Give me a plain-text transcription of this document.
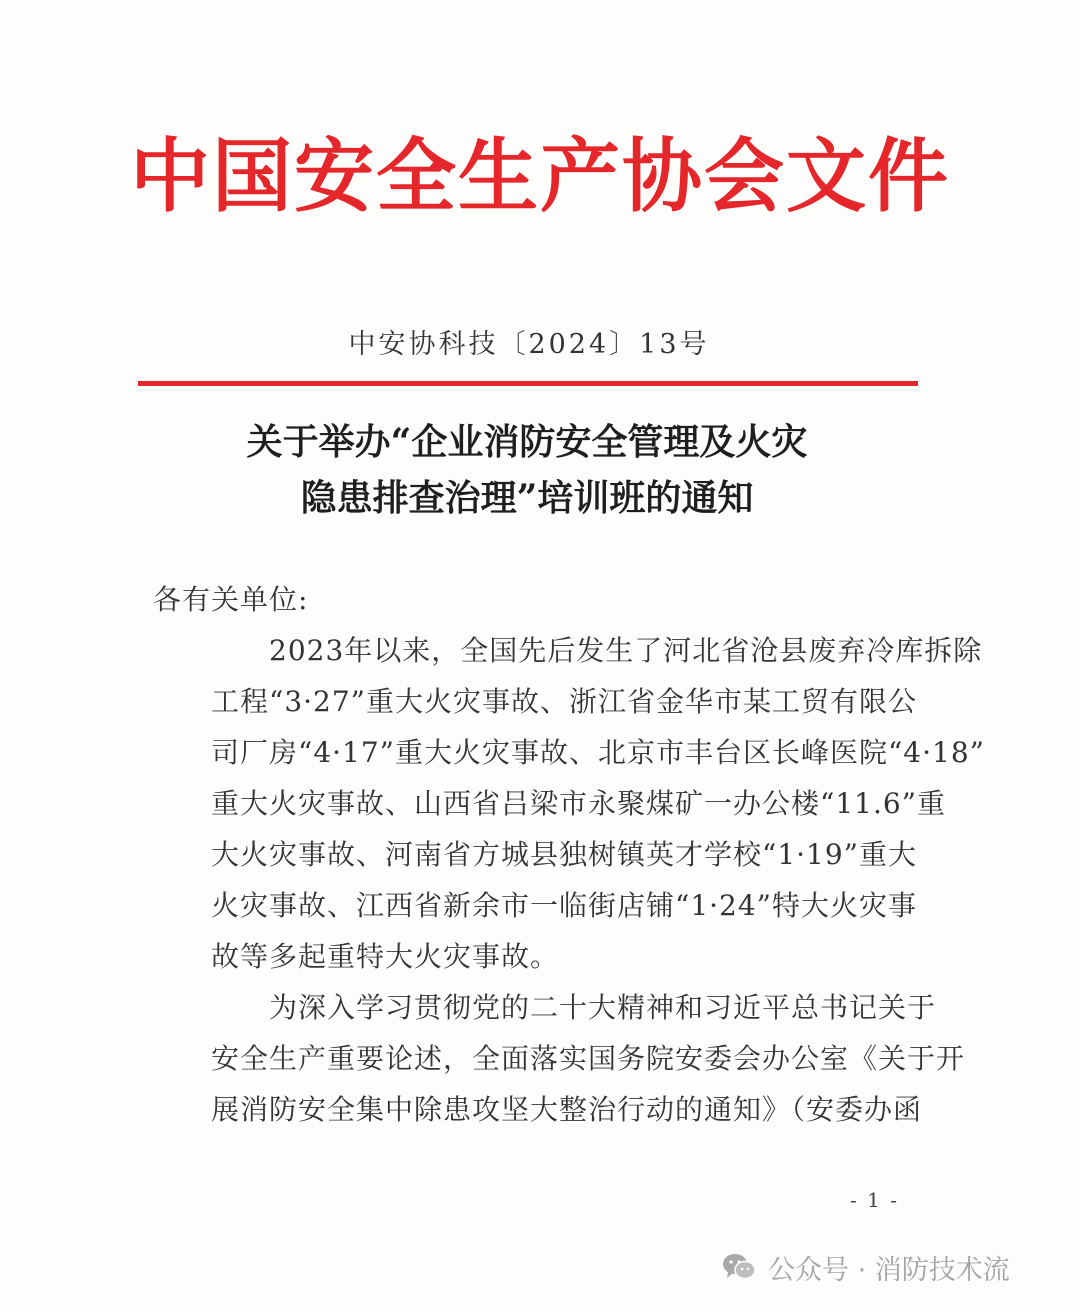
中国安全生产协会文件
中安协科技〔2024〕13号
关于举办“企业消防安全管理及火灾
隐患排查治理”培训班的通知
各有关单位:
2023年以来，全国先后发生了河北省沧县废弃冷库拆除
工程“3·27”重大火灾事故、浙江省金华市某工贸有限公
司厂房“4·17”重大火灾事故、北京市丰台区长峰医院“4·18”
重大火灾事故、山西省吕梁市永聚煤矿一办公楼“11.6”重
大火灾事故、河南省方城县独树镇英才学校“1·19”重大
火灾事故、江西省新余市一临街店铺“1·24”特大火灾事
故等多起重特大火灾事故。
为深入学习贯彻党的二十大精神和习近平总书记关于
安全生产重要论述，全面落实国务院安委会办公室《关于开
展消防安全集中除患攻坚大整治行动的通知》（安委办函
- 1 -
公众号 · 消防技术流
